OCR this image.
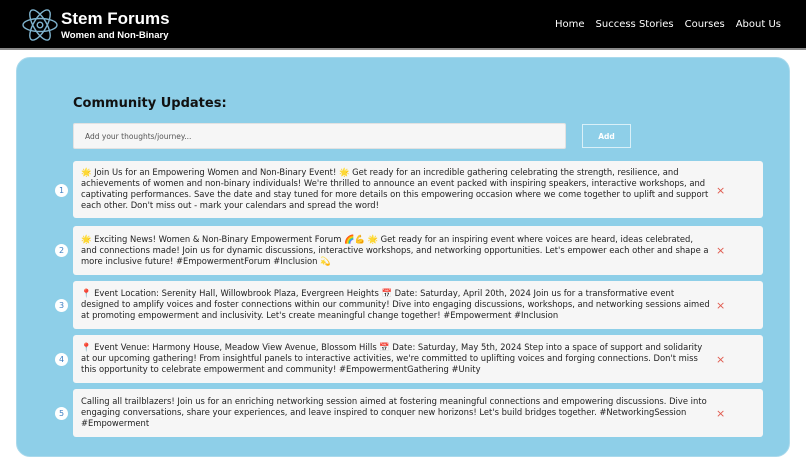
Stem Forums
Women and Non-Binary
Home Success Stories Courses About Us
Community Updates:
Add your thoughts/journey...
Add
1
🌟 Join Us for an Empowering Women and Non-Binary Event! 🌟 Get ready for an incredible gathering celebrating the strength, resilience, and achievements of women and non-binary individuals! We're thrilled to announce an event packed with inspiring speakers, interactive workshops, and captivating performances. Save the date and stay tuned for more details on this empowering occasion where we come together to uplift and support each other. Don't miss out - mark your calendars and spread the word!
×
2
🌟 Exciting News! Women & Non-Binary Empowerment Forum 🌈💪 🌟 Get ready for an inspiring event where voices are heard, ideas celebrated, and connections made! Join us for dynamic discussions, interactive workshops, and networking opportunities. Let's empower each other and shape a more inclusive future! #EmpowermentForum #Inclusion 💫
×
3
📍 Event Location: Serenity Hall, Willowbrook Plaza, Evergreen Heights 📅 Date: Saturday, April 20th, 2024 Join us for a transformative event designed to amplify voices and foster connections within our community! Dive into engaging discussions, workshops, and networking sessions aimed at promoting empowerment and inclusivity. Let's create meaningful change together! #Empowerment #Inclusion
×
4
📍 Event Venue: Harmony House, Meadow View Avenue, Blossom Hills 📅 Date: Saturday, May 5th, 2024 Step into a space of support and solidarity at our upcoming gathering! From insightful panels to interactive activities, we're committed to uplifting voices and forging connections. Don't miss this opportunity to celebrate empowerment and community! #EmpowermentGathering #Unity
×
5
Calling all trailblazers! Join us for an enriching networking session aimed at fostering meaningful connections and empowering discussions. Dive into engaging conversations, share your experiences, and leave inspired to conquer new horizons! Let's build bridges together. #NetworkingSession #Empowerment
×
